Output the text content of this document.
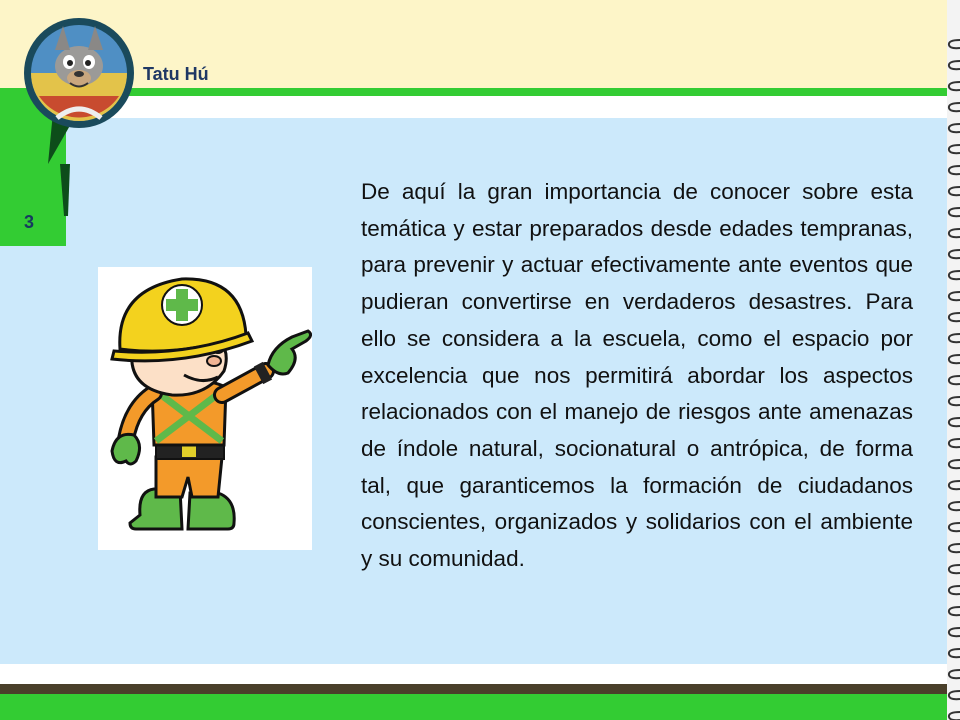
Tatu Hú
3

De aquí la gran importancia de conocer sobre esta temática y estar preparados desde edades tempranas, para prevenir y actuar efectivamente ante eventos que pudieran convertirse en verdaderos desastres. Para ello se considera a la escuela, como el espacio por excelencia que nos permitirá abordar los aspectos relacionados con el manejo de riesgos ante amenazas de índole natural, socionatural o antrópica, de forma tal, que garanticemos la formación de ciudadanos conscientes, organizados y solidarios con el ambiente y su comunidad.
